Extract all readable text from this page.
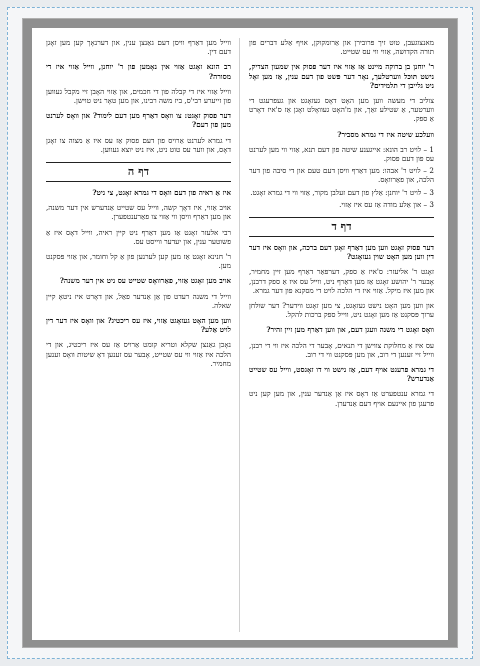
מאנצוגעבן, טוט זיך פּרובירן און אַרומקוקן, אויף אַלע דברים פון תורה הקדושה, אַזוי ווי עס שטייט.

ר' יוחנן בן ברוקה מיינט אַז אַזוי איז דער פסוק אין שמעון הצדיק, נישט תּוכּל ווערטלעך, נאָר דער פּשט פון דעם ענין, אַז מען זאָל ניט גלייבן די תלמידים?

צוליב די מעשה ווען מען האָט דאָס געזאָגט און געפרעגט די ווערטער, אַ שטילע זאַך, און מ'האָט געוואָלט זאָגן אַז ס'איז דאָרט אַ ספק.

וועלכע שיטה איז די גמרא מסביר?

1 – לויט רב הונא: אייגענע שיטה פון דעם תנא, אַזוי ווי מען לערנט עס פון דעם פסוק.
2 – לויט ר' אבהו: מען דאַרף וויסן דעם טעם און די סיבה פון דער הלכה, און פאַרוואָס.
3 – לויט ר' יוחנן: אַלץ פון דעם זעלבן מקור, אַזוי ווי די גמרא זאָגט.
3 – און אַלע מודה אַז עס איז אַזוי.
דף ד

דער פסוק זאָגט ווען מען דאַרף זאָגן דעם ברכה, און וואָס איז דער דין ווען מען האָט שוין געזאָגט?

זאָגט ר' אליעזר: ס'איז אַ ספק, דערפאַר דאַרף מען זיין מחמיר, אָבער ר' יהושע זאָגט אַז מען דאַרף ניט, ווייל עס איז אַ ספק דרבנן, און מען איז מיקל. אַזוי איז די הלכה לויט די מסקנא פון דער גמרא.

און ווען מען האָט נישט געזאָגט, צי מען זאָגט ווידער? דער שולחן ערוך פּסקנט אַז מען זאָגט ניט, ווייל ספק ברכות להקל.

וואָס זאָגט די משנה וועגן דעם, און ווען דאַרף מען זיין זהיר?

עס איז אַ מחלוקת צווישן די תנאים, אָבער די הלכה איז ווי די רבנן, ווייל זיי זענען די רוב, און מען פּסקנט ווי די רוב.

די גמרא פרעגט אויף דעם, אַז נישט ווי דו זאָגסט, ווייל עס שטייט אַנדערש?

די גמרא ענטפערט אַז דאָס איז אַן אַנדער ענין, און מען קען ניט פרעגן פון איינעם אויף דעם אַנדערן.

ווייל מען דאַרף וויסן דעם גאַנצן ענין, און דערנאָך קען מען זאָגן דעם דין.

רב הונא זאָגט אַזוי אין נאָמען פון ר' יוחנן, ווייל אַזוי איז די מסורה?

ווייל אַזוי איז די קבלה פון די חכמים, און אַזוי האָבן זיי מקבל געווען פון זייערע רבי'ס, ביז משה רבינו, און מען טאָר ניט טוישן.

דער פסוק זאָגט: צו וואָס דאַרף מען דעם לימוד? און וואָס לערנט מען פון דעם?

די גמרא לערנט אַרויס פון דעם פסוק אַז עס איז אַ מצוה צו זאָגן דאָס, און ווער עס טוט ניט, איז ניט יוצא געווען.

דף ה

איז אַ ראיה פון דעם וואָס די גמרא זאָגט, צי ניט?

אויב אַזוי, איז דאָך קשה, ווייל עס שטייט אַנדערש אין דער משנה, און מען דאַרף וויסן ווי אַזוי צו פאַרענטפערן.

רבי אלעזר זאָגט אַז מען דאַרף ניט קיין ראיה, ווייל דאָס איז אַ פשוטער ענין, און יעדער ווייסט עס.

ר' חנינא זאָגט אַז מען קען לערנען פון אַ קל וחומר, און אַזוי פּסקנט מען.

אויב מען זאָגט אַזוי, פאַרוואָס שטייט עס ניט אין דער משנה?

ווייל די משנה רעדט פון אַן אַנדער פאַל, און דאָרט איז ניטאָ קיין שאלה.

ווען מען האָט געזאָגט אַזוי, איז עס ריכטיג? און וואָס איז דער דין לויט אַלע?

נאָכן גאַנצן שקלא וטריא קומט אַרויס אַז עס איז ריכטיג, און די הלכה איז אַזוי ווי עס שטייט, אָבער עס זענען דאָ שיטות וואָס זענען מחמיר.
